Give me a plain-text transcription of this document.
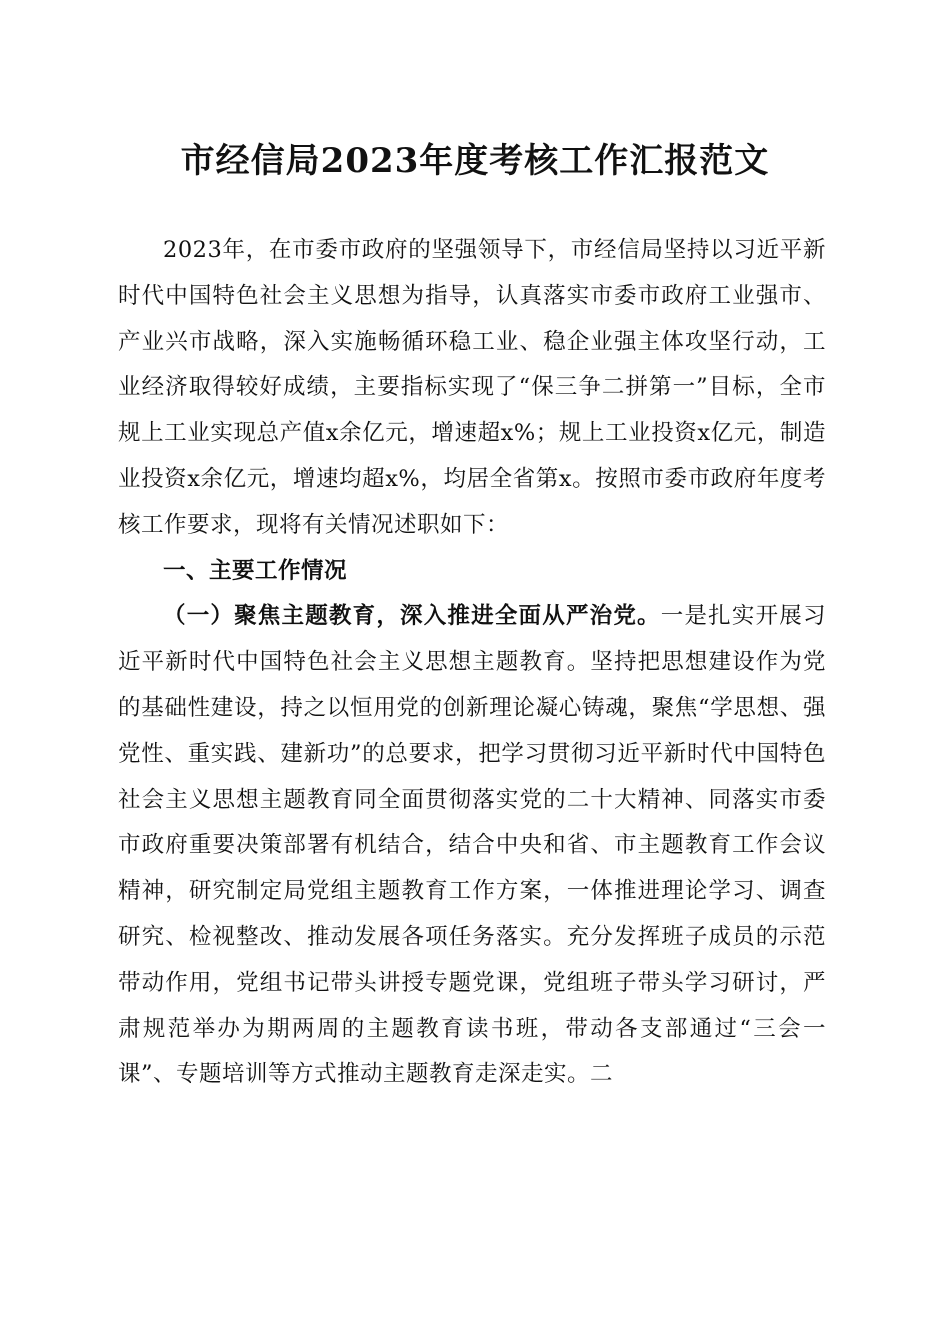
市经信局2023年度考核工作汇报范文

2023年，在市委市政府的坚强领导下，市经信局坚持以习近平新时代中国特色社会主义思想为指导，认真落实市委市政府工业强市、产业兴市战略，深入实施畅循环稳工业、稳企业强主体攻坚行动，工业经济取得较好成绩，主要指标实现了“保三争二拼第一”目标，全市规上工业实现总产值x余亿元，增速超x%；规上工业投资x亿元，制造业投资x余亿元，增速均超x%，均居全省第x。按照市委市政府年度考核工作要求，现将有关情况述职如下：

一、主要工作情况

（一）聚焦主题教育，深入推进全面从严治党。一是扎实开展习近平新时代中国特色社会主义思想主题教育。坚持把思想建设作为党的基础性建设，持之以恒用党的创新理论凝心铸魂，聚焦“学思想、强党性、重实践、建新功”的总要求，把学习贯彻习近平新时代中国特色社会主义思想主题教育同全面贯彻落实党的二十大精神、同落实市委市政府重要决策部署有机结合，结合中央和省、市主题教育工作会议精神，研究制定局党组主题教育工作方案，一体推进理论学习、调查研究、检视整改、推动发展各项任务落实。充分发挥班子成员的示范带动作用，党组书记带头讲授专题党课，党组班子带头学习研讨，严肃规范举办为期两周的主题教育读书班，带动各支部通过“三会一课”、专题培训等方式推动主题教育走深走实。二
